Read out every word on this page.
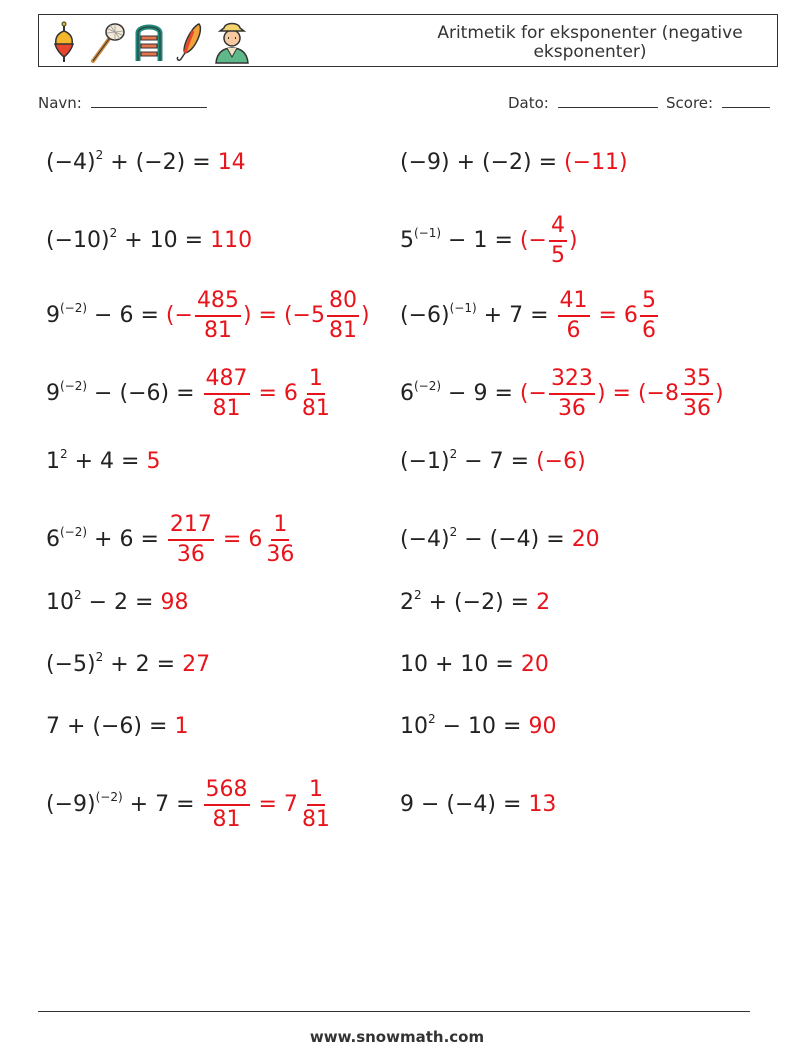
Aritmetik for eksponenter (negative eksponenter)
Navn:	Dato:	Score:
$(-4)^2 + (-2) = 14$
$(-10)^2 + 10 = 110$
$9^{(-2)} - 6$ = (− $\frac{485}{81}$ ) = ($-5 \frac{80}{81}$ )
$9^{(-2)} - (-6) = \frac{487}{81} = 6 \frac{1}{81}$
$1^2 + 4 = 5$
$6^{(-2)} + 6 = \frac{217}{36} = 6 \frac{1}{36}$
$10^2 - 2 = 98$
$(-5)^2 + 2 = 27$
7 + (−6) = 1
$(-9)^{(-2)} + 7 = \frac{568}{81} = 7 \frac{1}{81}$
(−9) + (−2) = (−11)
$5^{(-1)} - 1$ = (− $\frac{4}{5}$ )
$(-6)^{(-1)} + 7 = \frac{41}{6} = 6 \frac{5}{6}$
$6^{(-2)} - 9$ = (− $\frac{323}{36}$ ) = ($-8 \frac{35}{36}$ )
$(-1)^2 - 7 = (-6)$
$(-4)^2 - (-4) = 20$
$2^2 + (-2) = 2$
10 + 10 = 20
$10^2 - 10 = 90$
9 − (−4) = 13
www.snowmath.com
